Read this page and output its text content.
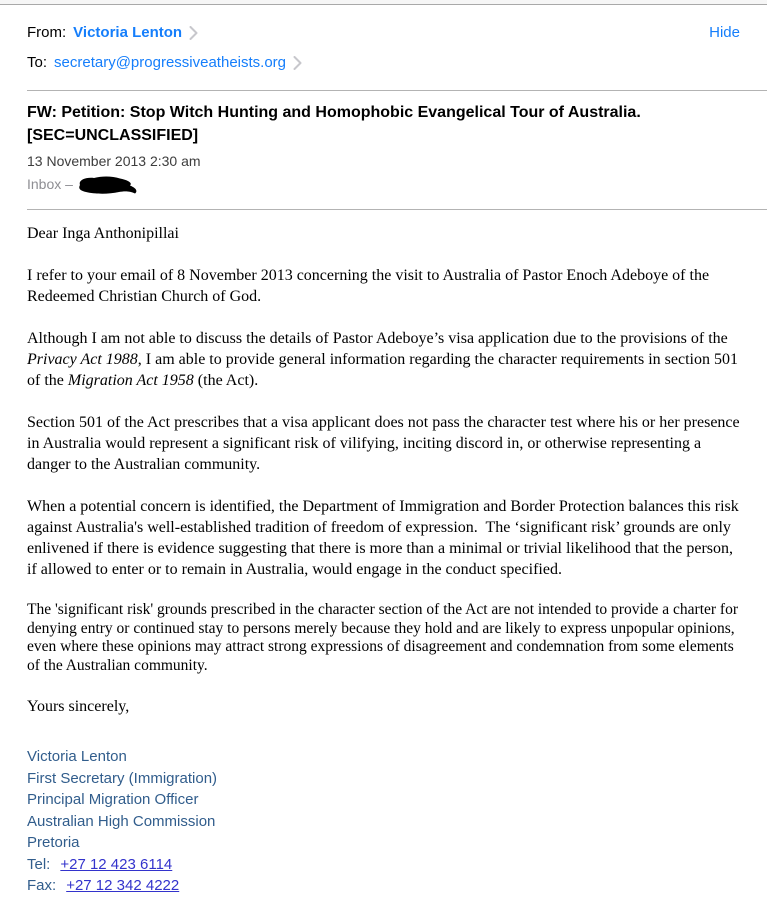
From: Victoria Lenton	Hide
To: secretary@progressiveatheists.org
FW: Petition: Stop Witch Hunting and Homophobic Evangelical Tour of Australia. [SEC=UNCLASSIFIED]
13 November 2013 2:30 am
Inbox –

Dear Inga Anthonipillai

I refer to your email of 8 November 2013 concerning the visit to Australia of Pastor Enoch Adeboye of the Redeemed Christian Church of God.

Although I am not able to discuss the details of Pastor Adeboye’s visa application due to the provisions of the Privacy Act 1988, I am able to provide general information regarding the character requirements in section 501 of the Migration Act 1958 (the Act).

Section 501 of the Act prescribes that a visa applicant does not pass the character test where his or her presence in Australia would represent a significant risk of vilifying, inciting discord in, or otherwise representing a danger to the Australian community.

When a potential concern is identified, the Department of Immigration and Border Protection balances this risk against Australia's well-established tradition of freedom of expression.  The ‘significant risk’ grounds are only enlivened if there is evidence suggesting that there is more than a minimal or trivial likelihood that the person, if allowed to enter or to remain in Australia, would engage in the conduct specified.

The 'significant risk' grounds prescribed in the character section of the Act are not intended to provide a charter for denying entry or continued stay to persons merely because they hold and are likely to express unpopular opinions, even where these opinions may attract strong expressions of disagreement and condemnation from some elements of the Australian community.

Yours sincerely,

Victoria Lenton
First Secretary (Immigration)
Principal Migration Officer
Australian High Commission
Pretoria
Tel: +27 12 423 6114
Fax: +27 12 342 4222
